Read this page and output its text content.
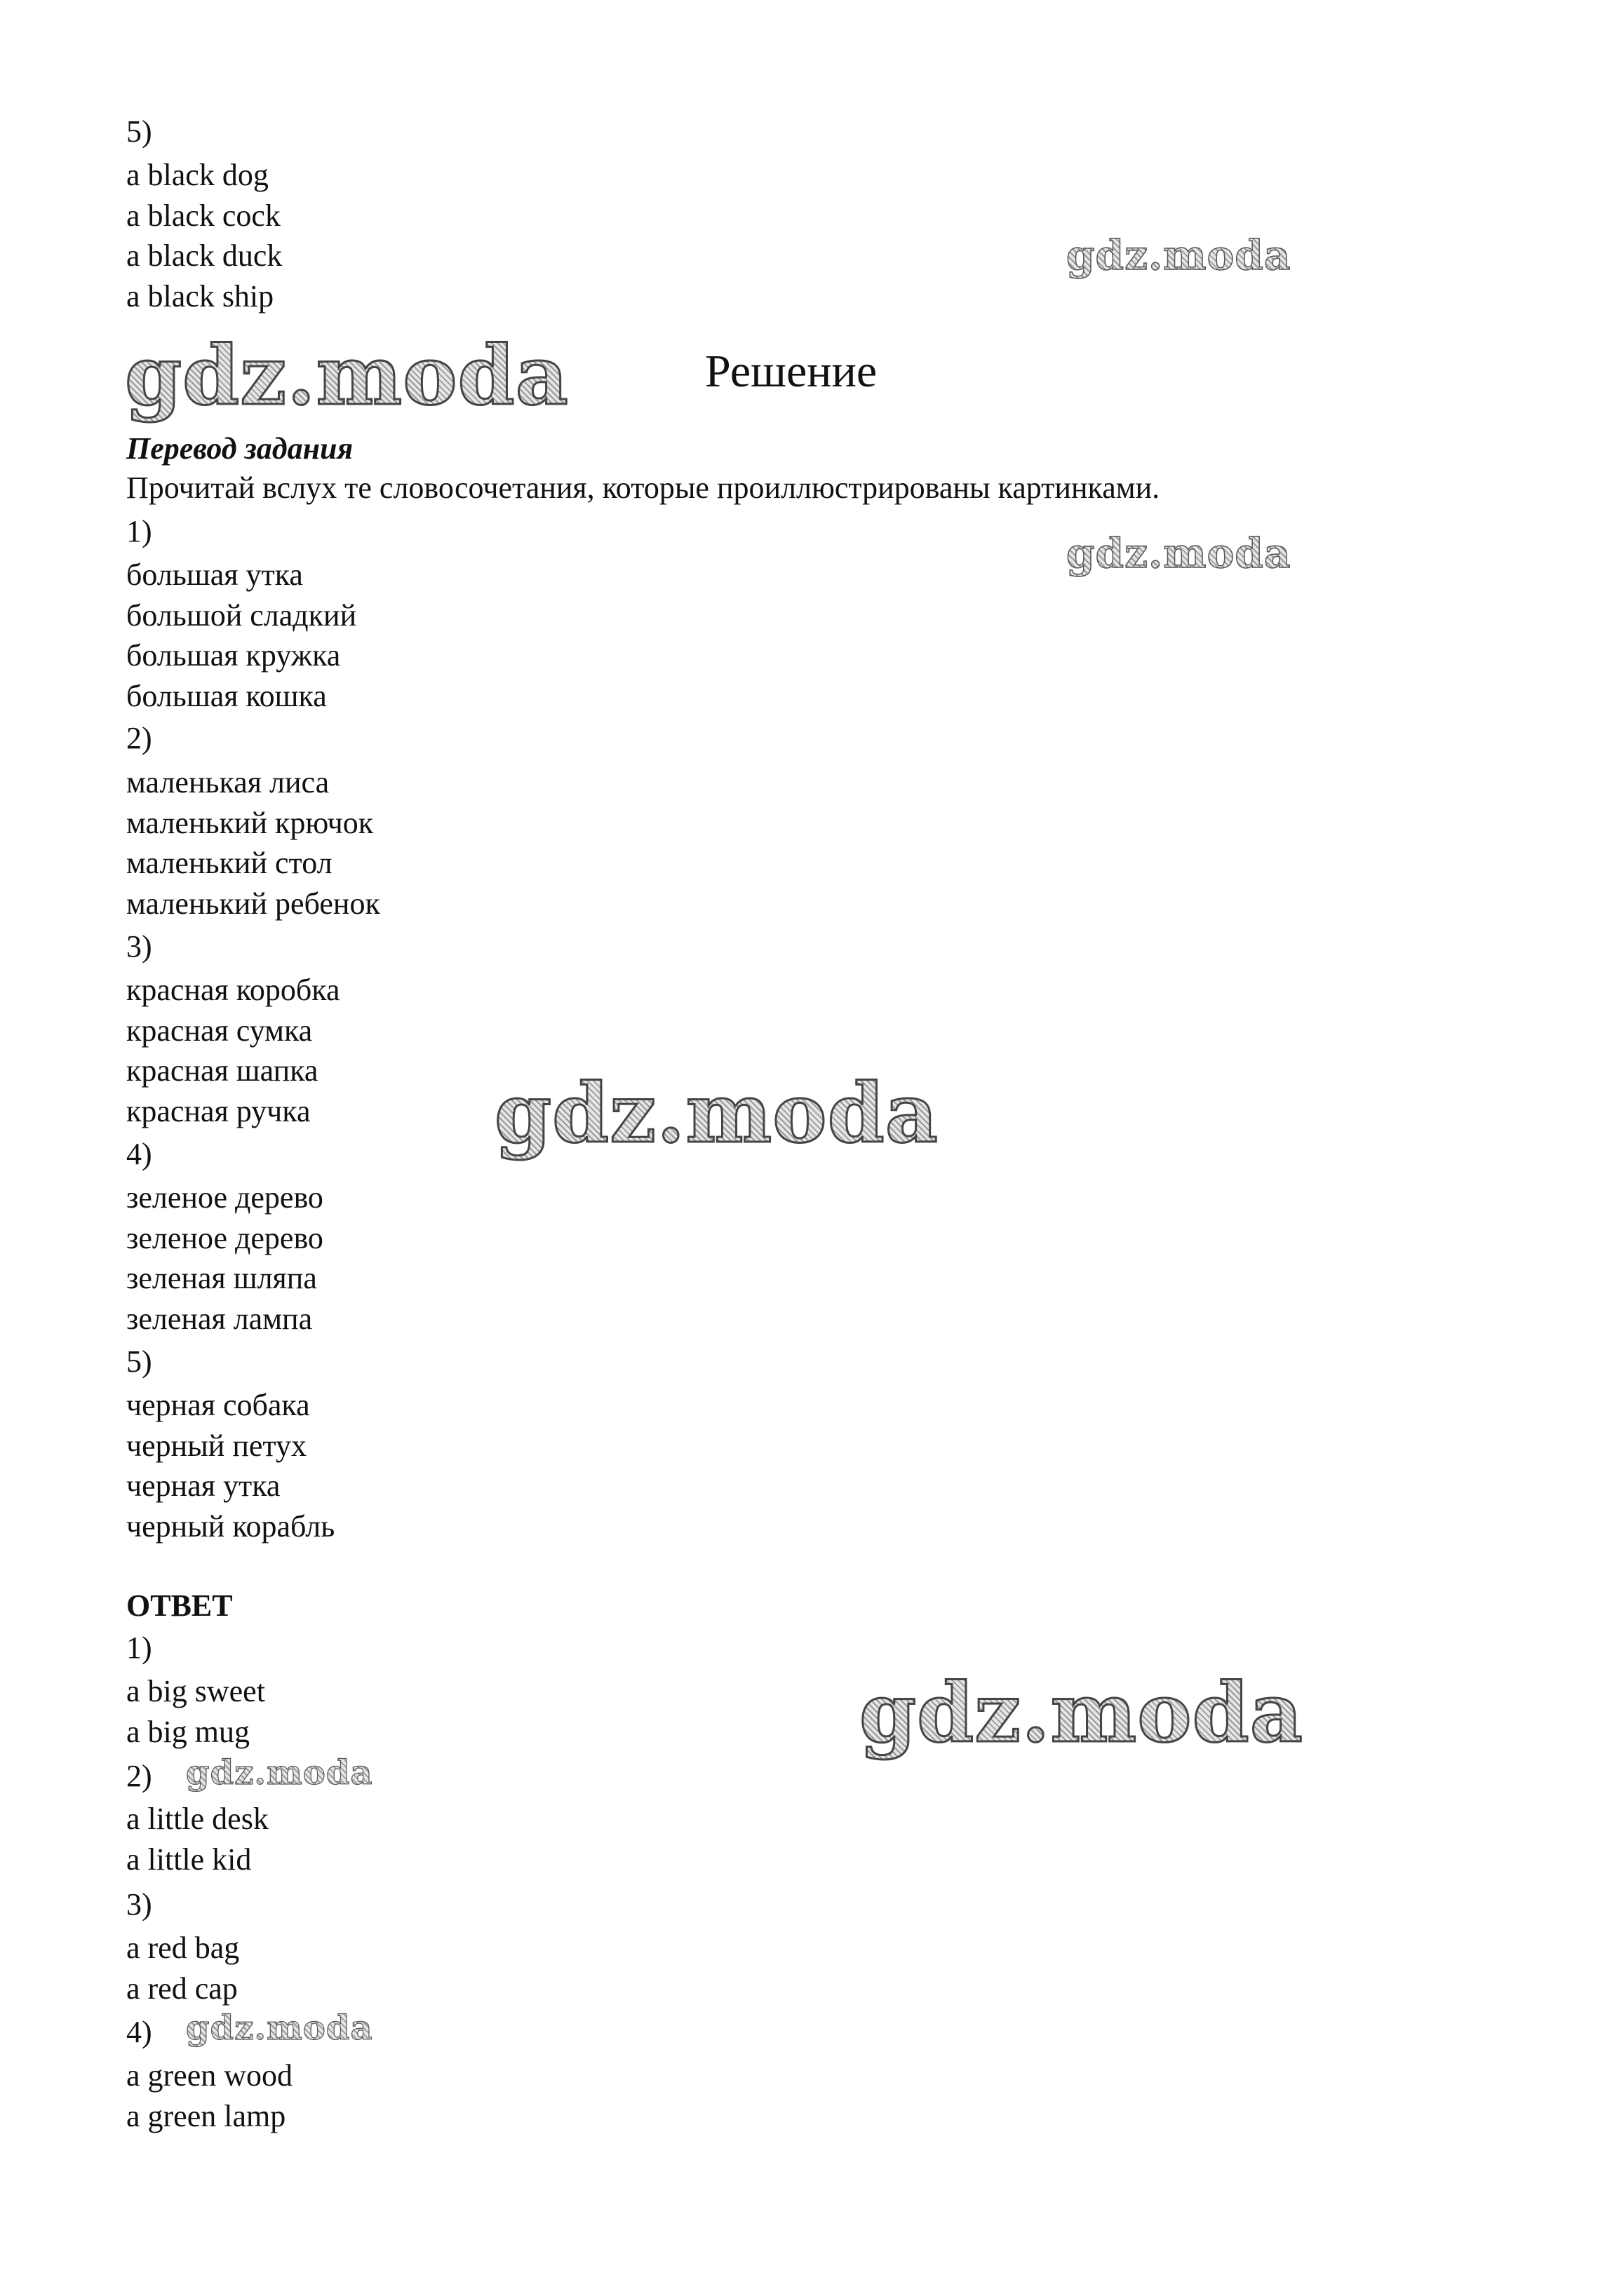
5)
a black dog
a black cock
a black duck
a black ship
gdz.moda
gdz.moda	Решение
Перевод задания
Прочитай вслух те словосочетания, которые проиллюстрированы картинками.
gdz.moda
1)
большая утка
большой сладкий
большая кружка
большая кошка
2)
маленькая лиса
маленький крючок
маленький стол
маленький ребенок
3)
красная коробка
красная сумка
красная шапка
красная ручка gdz.moda
4)
зеленое дерево
зеленое дерево
зеленая шляпа
зеленая лампа
5)
черная собака
черный петух
черная утка
черный корабль
ОТВЕТ
1)
a big sweet
a big mug	gdz.moda
2) gdz.moda
a little desk
a little kid
3)
a red bag
a red cap
4) gdz.moda
a green wood
a green lamp
